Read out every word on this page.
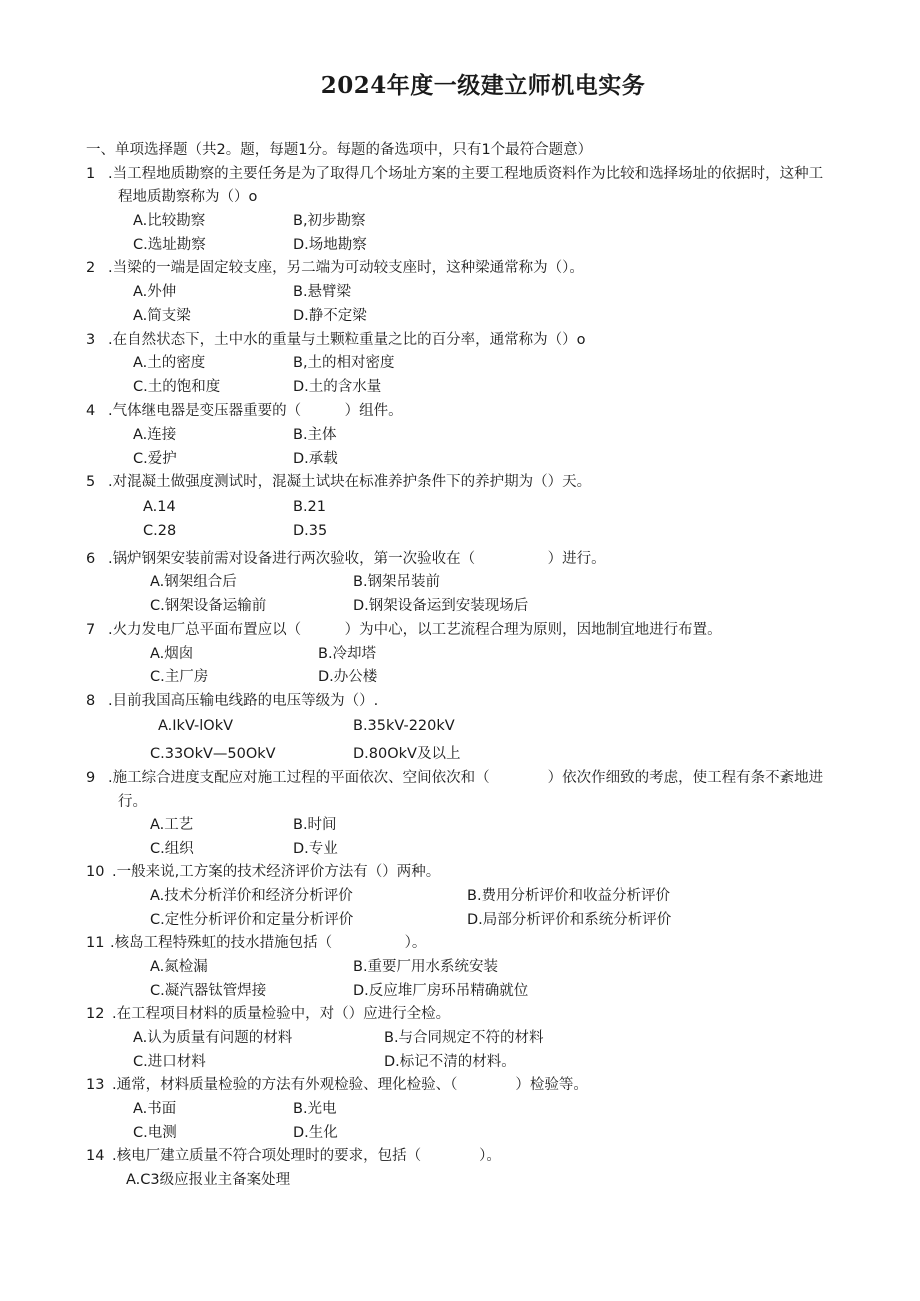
2024年度一级建立师机电实务
一、单项选择题（共2。题，每题1分。每题的备选项中，只有1个最符合题意）
1 .当工程地质勘察的主要任务是为了取得几个场址方案的主要工程地质资料作为比较和选择场址的依据时，这种工
程地质勘察称为（）o
A.比较勘察	B,初步勘察
C.选址勘察	D.场地勘察
2 .当梁的一端是固定较支座，另二端为可动较支座时，这种梁通常称为（）。
A.外伸	B.悬臂梁
A.简支梁	D.静不定梁
3 .在自然状态下，土中水的重量与土颗粒重量之比的百分率，通常称为（）o
A.土的密度	B,土的相对密度
C.土的饱和度	D.土的含水量
4 .气体继电器是变压器重要的（　　　）组件。
A.连接	B.主体
C.爱护	D.承载
5 .对混凝土做强度测试时，混凝土试块在标准养护条件下的养护期为（）天。
A.14	B.21
C.28	D.35
6 .锅炉钢架安装前需对设备进行两次验收，第一次验收在（　　　　　）进行。
A.钢架组合后	B.钢架吊装前
C.钢架设备运输前	D.钢架设备运到安装现场后
7 .火力发电厂总平面布置应以（　　　）为中心，以工艺流程合理为原则，因地制宜地进行布置。
A.烟囱	B.冷却塔
C.主厂房	D.办公楼
8 .目前我国高压输电线路的电压等级为（）.
A.IkV-lOkV	B.35kV-220kV
C.33OkV—50OkV	D.80OkV及以上
9 .施工综合进度支配应对施工过程的平面依次、空间依次和（　　　　）依次作细致的考虑，使工程有条不紊地进
行。
A.工艺	B.时间
C.组织	D.专业
10 .一般来说,工方案的技术经济评价方法有（）两种。
A.技术分析洋价和经济分析评价	B.费用分析评价和收益分析评价
C.定性分析评价和定量分析评价	D.局部分析评价和系统分析评价
11 .核岛工程特殊虹的技水措施包括（　　　　　）。
A.氮检漏	B.重要厂用水系统安装
C.凝汽器钛管焊接	D.反应堆厂房环吊精确就位
12 .在工程项目材料的质量检验中，对（）应进行全检。
A.认为质量有问题的材料	B.与合同规定不符的材料
C.进口材料	D.标记不清的材料。
13 .通常，材料质量检验的方法有外观检验、理化检验、（　　　　）检验等。
A.书面	B.光电
C.电测	D.生化
14 .核电厂建立质量不符合项处理时的要求，包括（　　　　）。
A.C3级应报业主备案处理
